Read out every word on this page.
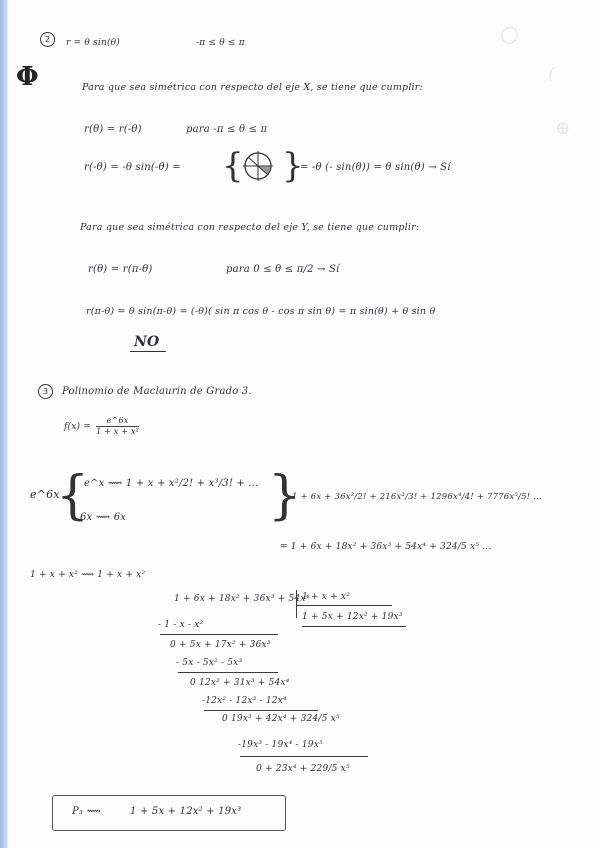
○
(
⊕
2	r = θ sin(θ)	-π ≤ θ ≤ π
Φ	Para que sea simétrica con respecto del eje X, se tiene que cumplir:
r(θ) = r(-θ)	para -π ≤ θ ≤ π
r(-θ) = -θ sin(-θ) = { }
= -θ (- sin(θ)) = θ sin(θ) → Sí
Para que sea simétrica con respecto del eje Y, se tiene que cumplir:
r(θ) = r(π-θ)	para 0 ≤ θ ≤ π/2 → Sí
r(π-θ) = θ sin(π-θ) = (-θ)( sin π cos θ - cos π sin θ) = π sin(θ) + θ sin θ
NO
3	Polinomio de Maclaurin de Grado 3.
$f(x) = \frac{e\^{}6x}{\text{1 + x + x²}}$
e^6x
{
e^x ⟿ 1 + x + x²/2! + x³/3! + ...
6x ⟿ 6x	}
1 + 6x + 36x²/2! + 216x³/3! + 1296x⁴/4! + 7776x⁵/5! ...
= 1 + 6x + 18x² + 36x³ + 54x⁴ + 324/5 x⁵ ...
1 + x + x² ⟿ 1 + x + x²
1 + 6x + 18x² + 36x³ + 54x⁴
1 + x + x²
1 + 5x + 12x² + 19x³
- 1 - x - x²
0 + 5x + 17x² + 36x³
- 5x - 5x² - 5x³
0 12x² + 31x³ + 54x⁴
-12x² - 12x³ - 12x⁴
0 19x³ + 42x⁴ + 324/5 x⁵
-19x³ - 19x⁴ - 19x⁵
0 + 23x⁴ + 229/5 x⁵
P₃ ⟿	1 + 5x + 12x² + 19x³
